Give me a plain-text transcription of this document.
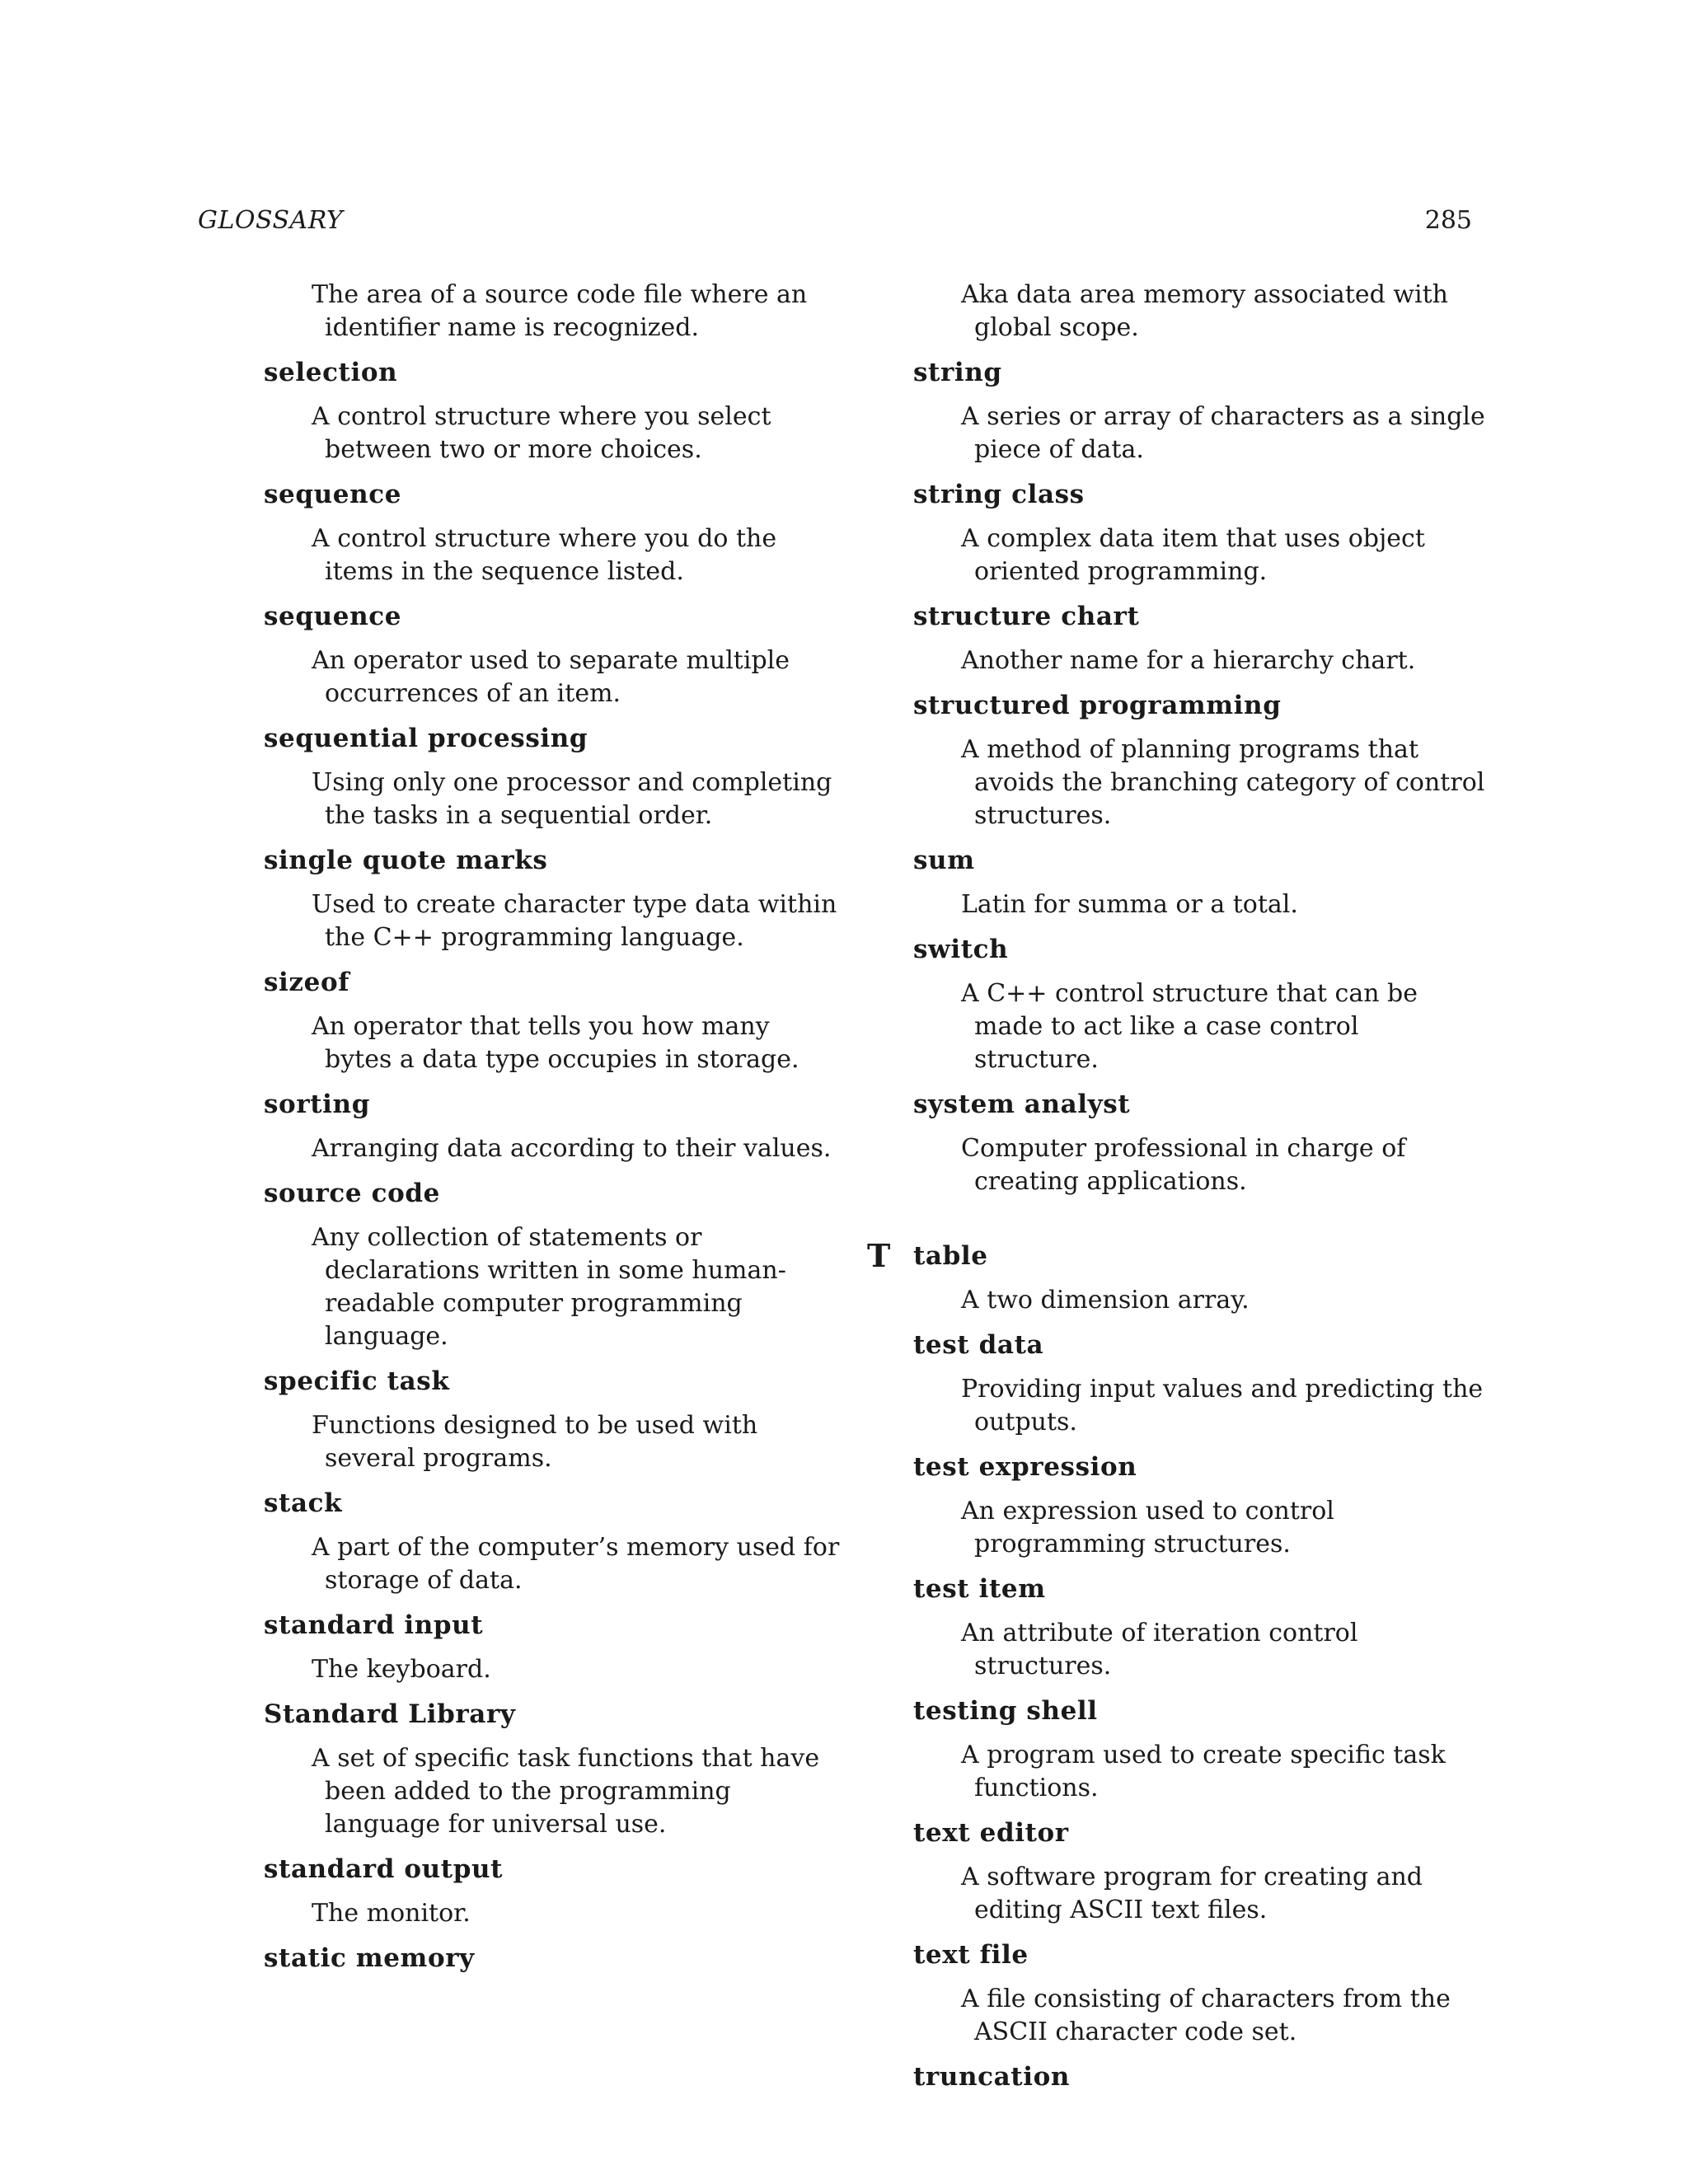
GLOSSARY	285

The area of a source code file where an identifier name is recognized.

selection

A control structure where you select between two or more choices.

sequence

A control structure where you do the items in the sequence listed.

sequence

An operator used to separate multiple occurrences of an item.

sequential processing

Using only one processor and completing the tasks in a sequential order.

single quote marks

Used to create character type data within the C++ programming language.

sizeof

An operator that tells you how many bytes a data type occupies in storage.

sorting

Arranging data according to their values.

source code

Any collection of statements or declarations written in some human-readable computer programming language.

specific task

Functions designed to be used with several programs.

stack

A part of the computer’s memory used for storage of data.

standard input

The keyboard.

Standard Library

A set of specific task functions that have been added to the programming language for universal use.

standard output

The monitor.

static memory

Aka data area memory associated with global scope.

string

A series or array of characters as a single piece of data.

string class

A complex data item that uses object oriented programming.

structure chart

Another name for a hierarchy chart.

structured programming

A method of planning programs that avoids the branching category of control structures.

sum

Latin for summa or a total.

switch

A C++ control structure that can be made to act like a case control structure.

system analyst

Computer professional in charge of creating applications.

T table

A two dimension array.

test data

Providing input values and predicting the outputs.

test expression

An expression used to control programming structures.

test item

An attribute of iteration control structures.

testing shell

A program used to create specific task functions.

text editor

A software program for creating and editing ASCII text files.

text file

A file consisting of characters from the ASCII character code set.

truncation
